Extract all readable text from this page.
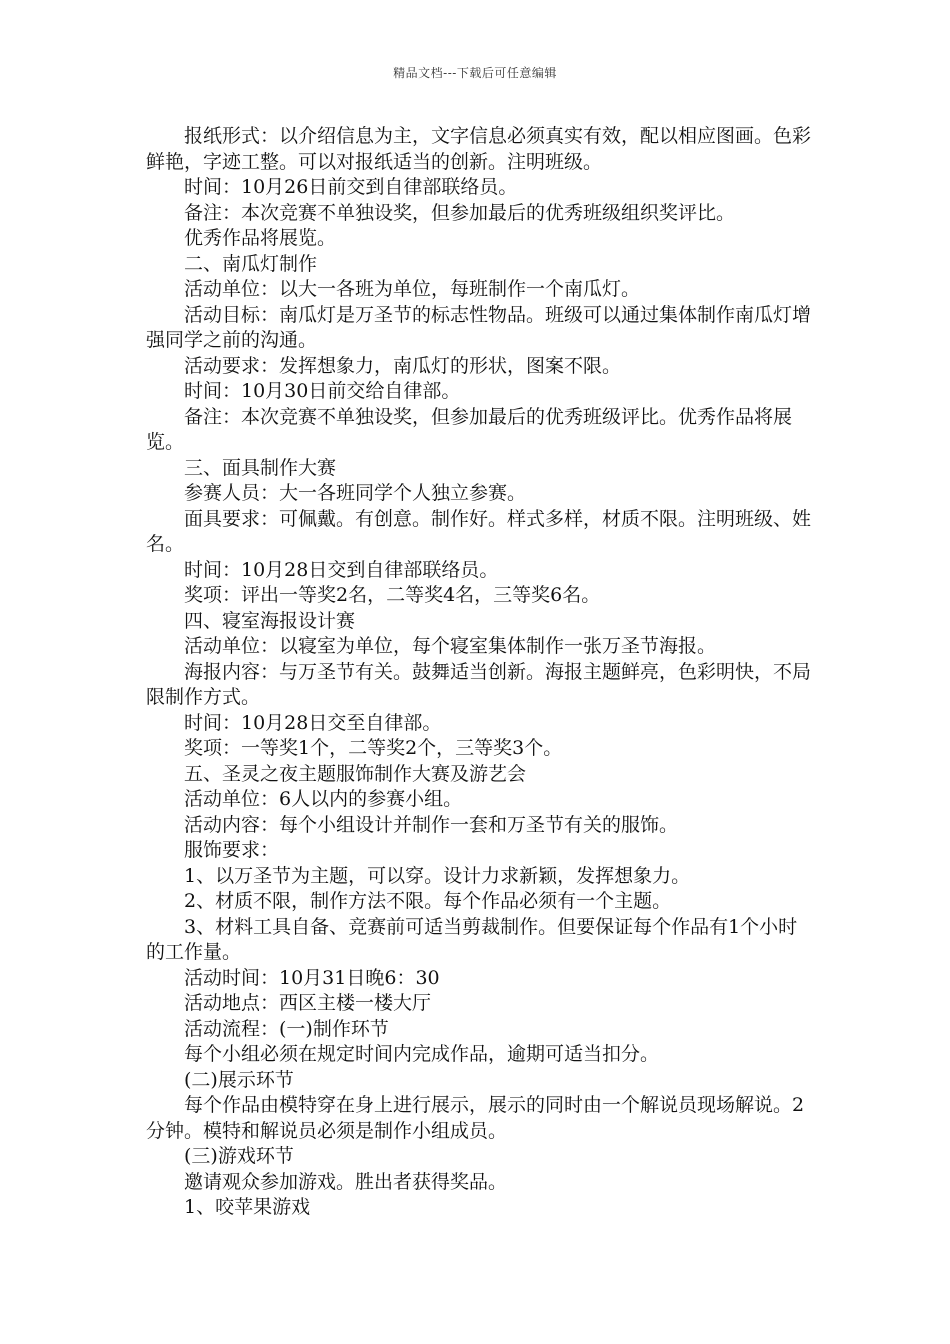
精品文档---下载后可任意编辑

报纸形式：以介绍信息为主，文字信息必须真实有效，配以相应图画。色彩鲜艳，字迹工整。可以对报纸适当的创新。注明班级。

时间：10月26日前交到自律部联络员。

备注：本次竞赛不单独设奖，但参加最后的优秀班级组织奖评比。

优秀作品将展览。

二、南瓜灯制作

活动单位：以大一各班为单位，每班制作一个南瓜灯。

活动目标：南瓜灯是万圣节的标志性物品。班级可以通过集体制作南瓜灯增强同学之前的沟通。

活动要求：发挥想象力，南瓜灯的形状，图案不限。

时间：10月30日前交给自律部。

备注：本次竞赛不单独设奖，但参加最后的优秀班级评比。优秀作品将展览。

三、面具制作大赛

参赛人员：大一各班同学个人独立参赛。

面具要求：可佩戴。有创意。制作好。样式多样，材质不限。注明班级、姓名。

时间：10月28日交到自律部联络员。

奖项：评出一等奖2名，二等奖4名，三等奖6名。

四、寝室海报设计赛

活动单位：以寝室为单位，每个寝室集体制作一张万圣节海报。

海报内容：与万圣节有关。鼓舞适当创新。海报主题鲜亮，色彩明快，不局限制作方式。

时间：10月28日交至自律部。

奖项：一等奖1个，二等奖2个，三等奖3个。

五、圣灵之夜主题服饰制作大赛及游艺会

活动单位：6人以内的参赛小组。

活动内容：每个小组设计并制作一套和万圣节有关的服饰。

服饰要求：

1、以万圣节为主题，可以穿。设计力求新颖，发挥想象力。

2、材质不限，制作方法不限。每个作品必须有一个主题。

3、材料工具自备、竞赛前可适当剪裁制作。但要保证每个作品有1个小时的工作量。

活动时间：10月31日晚6：30

活动地点：西区主楼一楼大厅

活动流程：(一)制作环节

每个小组必须在规定时间内完成作品，逾期可适当扣分。

(二)展示环节

每个作品由模特穿在身上进行展示，展示的同时由一个解说员现场解说。2分钟。模特和解说员必须是制作小组成员。

(三)游戏环节

邀请观众参加游戏。胜出者获得奖品。

1、咬苹果游戏
